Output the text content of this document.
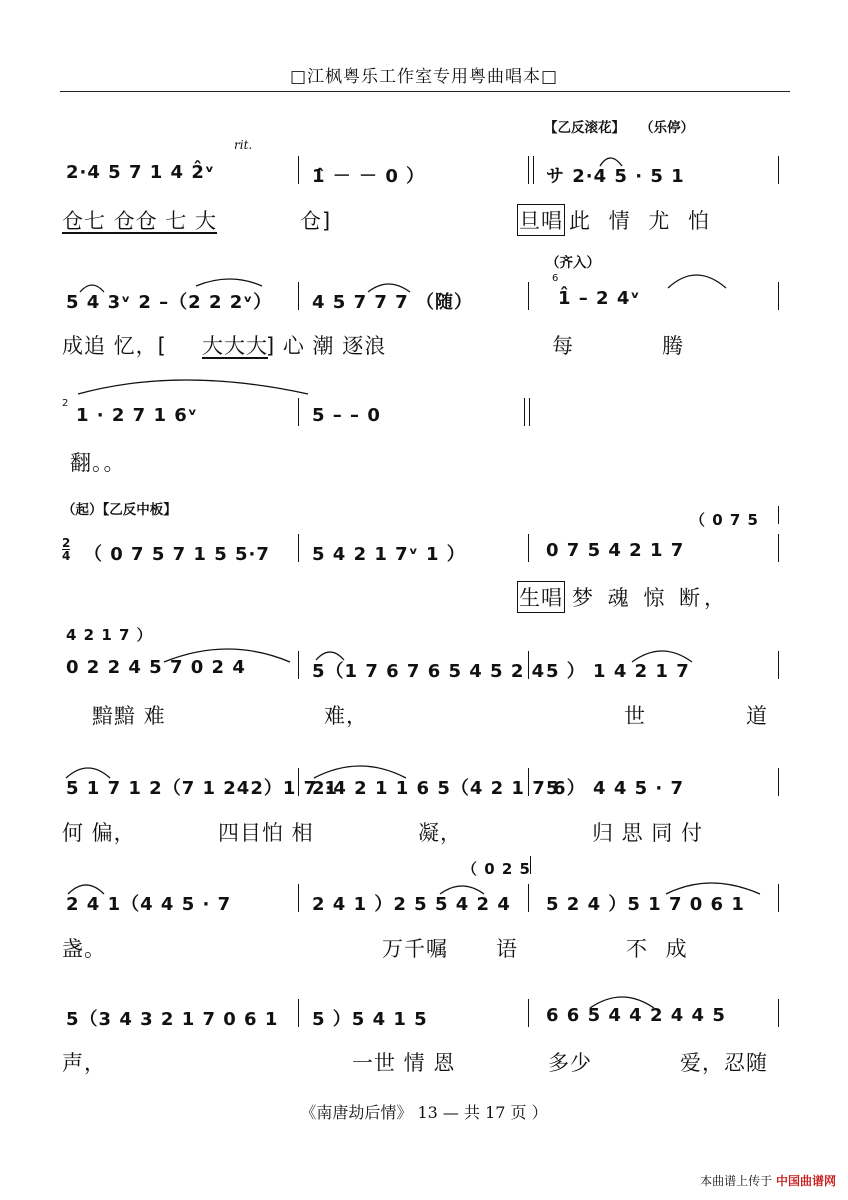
□江枫粤乐工作室专用粤曲唱本□
【乙反滚花】 （乐停）
rit.
2·4 5 7 1 4 2̂ᵛ	1̂ － － 0 ）	サ 2·4 5 · 5 1
仓七 仓仓 七 大	仓]	旦唱 此 情 尤 怕
（齐入）
5 4 3ᵛ 2 –（2 2 2ᵛ） 4 5 7 7 7 （随）	1̂ – 2 4ᵛ
成追 忆，[ 大大大
] 心 潮 逐浪	每	腾
1 · 2 7 1 6ᵛ	5 – – 0
翻。。
（起）【乙反中板】
（ 0 7 5
2
4 （ 0 7 5 7 1 5 5·7 5 4 2 1 7ᵛ 1 ）	0 7 5 4 2 1 7
生唱 梦 魂 惊 断，
4 2 1 7 ）
0 2 2 4 5 7 0 2 4	5（1 7 6 7 6 5 4 5 2 4 5 ） 1 4 2 1 7
黯黯 难	难，	世	道
5 1 7 1 2（7 1 242）1 7 1
2·4 2 1 1 6 5（4 2 1 7 6
5 ） 4 4 5 · 7
何 偏，	四目怕 相	凝，	归 思 同 付
（ 0 2 5
2 4 1（4 4 5 · 7	2 4 1 ）2 5 5 4 2 4 5 2 4 ）5 1 7 0 6 1
盏。	万千嘱 语	不 成
5（3 4 3 2 1 7 0 6 1 5 ）5 4 1 5	6 6 5 4 4 2 4 4 5
声，	一世 情 恩	多少	爱，忍随
2
6
《南唐劫后情》 13 — 共 17 页 ）
本曲谱上传于 中国曲谱网
